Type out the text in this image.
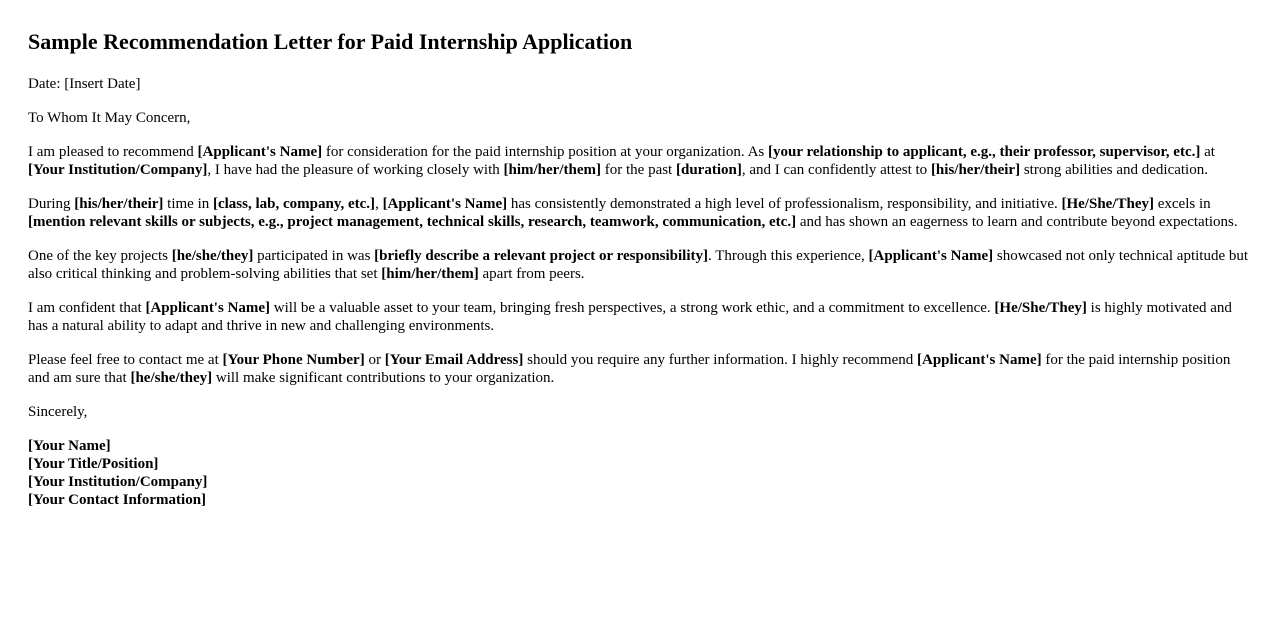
Sample Recommendation Letter for Paid Internship Application

Date: [Insert Date]

To Whom It May Concern,

I am pleased to recommend [Applicant's Name] for consideration for the paid internship position at your organization. As [your relationship to applicant, e.g., their professor, supervisor, etc.] at [Your Institution/Company], I have had the pleasure of working closely with [him/her/them] for the past [duration], and I can confidently attest to [his/her/their] strong abilities and dedication.

During [his/her/their] time in [class, lab, company, etc.], [Applicant's Name] has consistently demonstrated a high level of professionalism, responsibility, and initiative. [He/She/They] excels in [mention relevant skills or subjects, e.g., project management, technical skills, research, teamwork, communication, etc.] and has shown an eagerness to learn and contribute beyond expectations.

One of the key projects [he/she/they] participated in was [briefly describe a relevant project or responsibility]. Through this experience, [Applicant's Name] showcased not only technical aptitude but also critical thinking and problem-solving abilities that set [him/her/them] apart from peers.

I am confident that [Applicant's Name] will be a valuable asset to your team, bringing fresh perspectives, a strong work ethic, and a commitment to excellence. [He/She/They] is highly motivated and has a natural ability to adapt and thrive in new and challenging environments.

Please feel free to contact me at [Your Phone Number] or [Your Email Address] should you require any further information. I highly recommend [Applicant's Name] for the paid internship position and am sure that [he/she/they] will make significant contributions to your organization.

Sincerely,

[Your Name]
[Your Title/Position]
[Your Institution/Company]
[Your Contact Information]
